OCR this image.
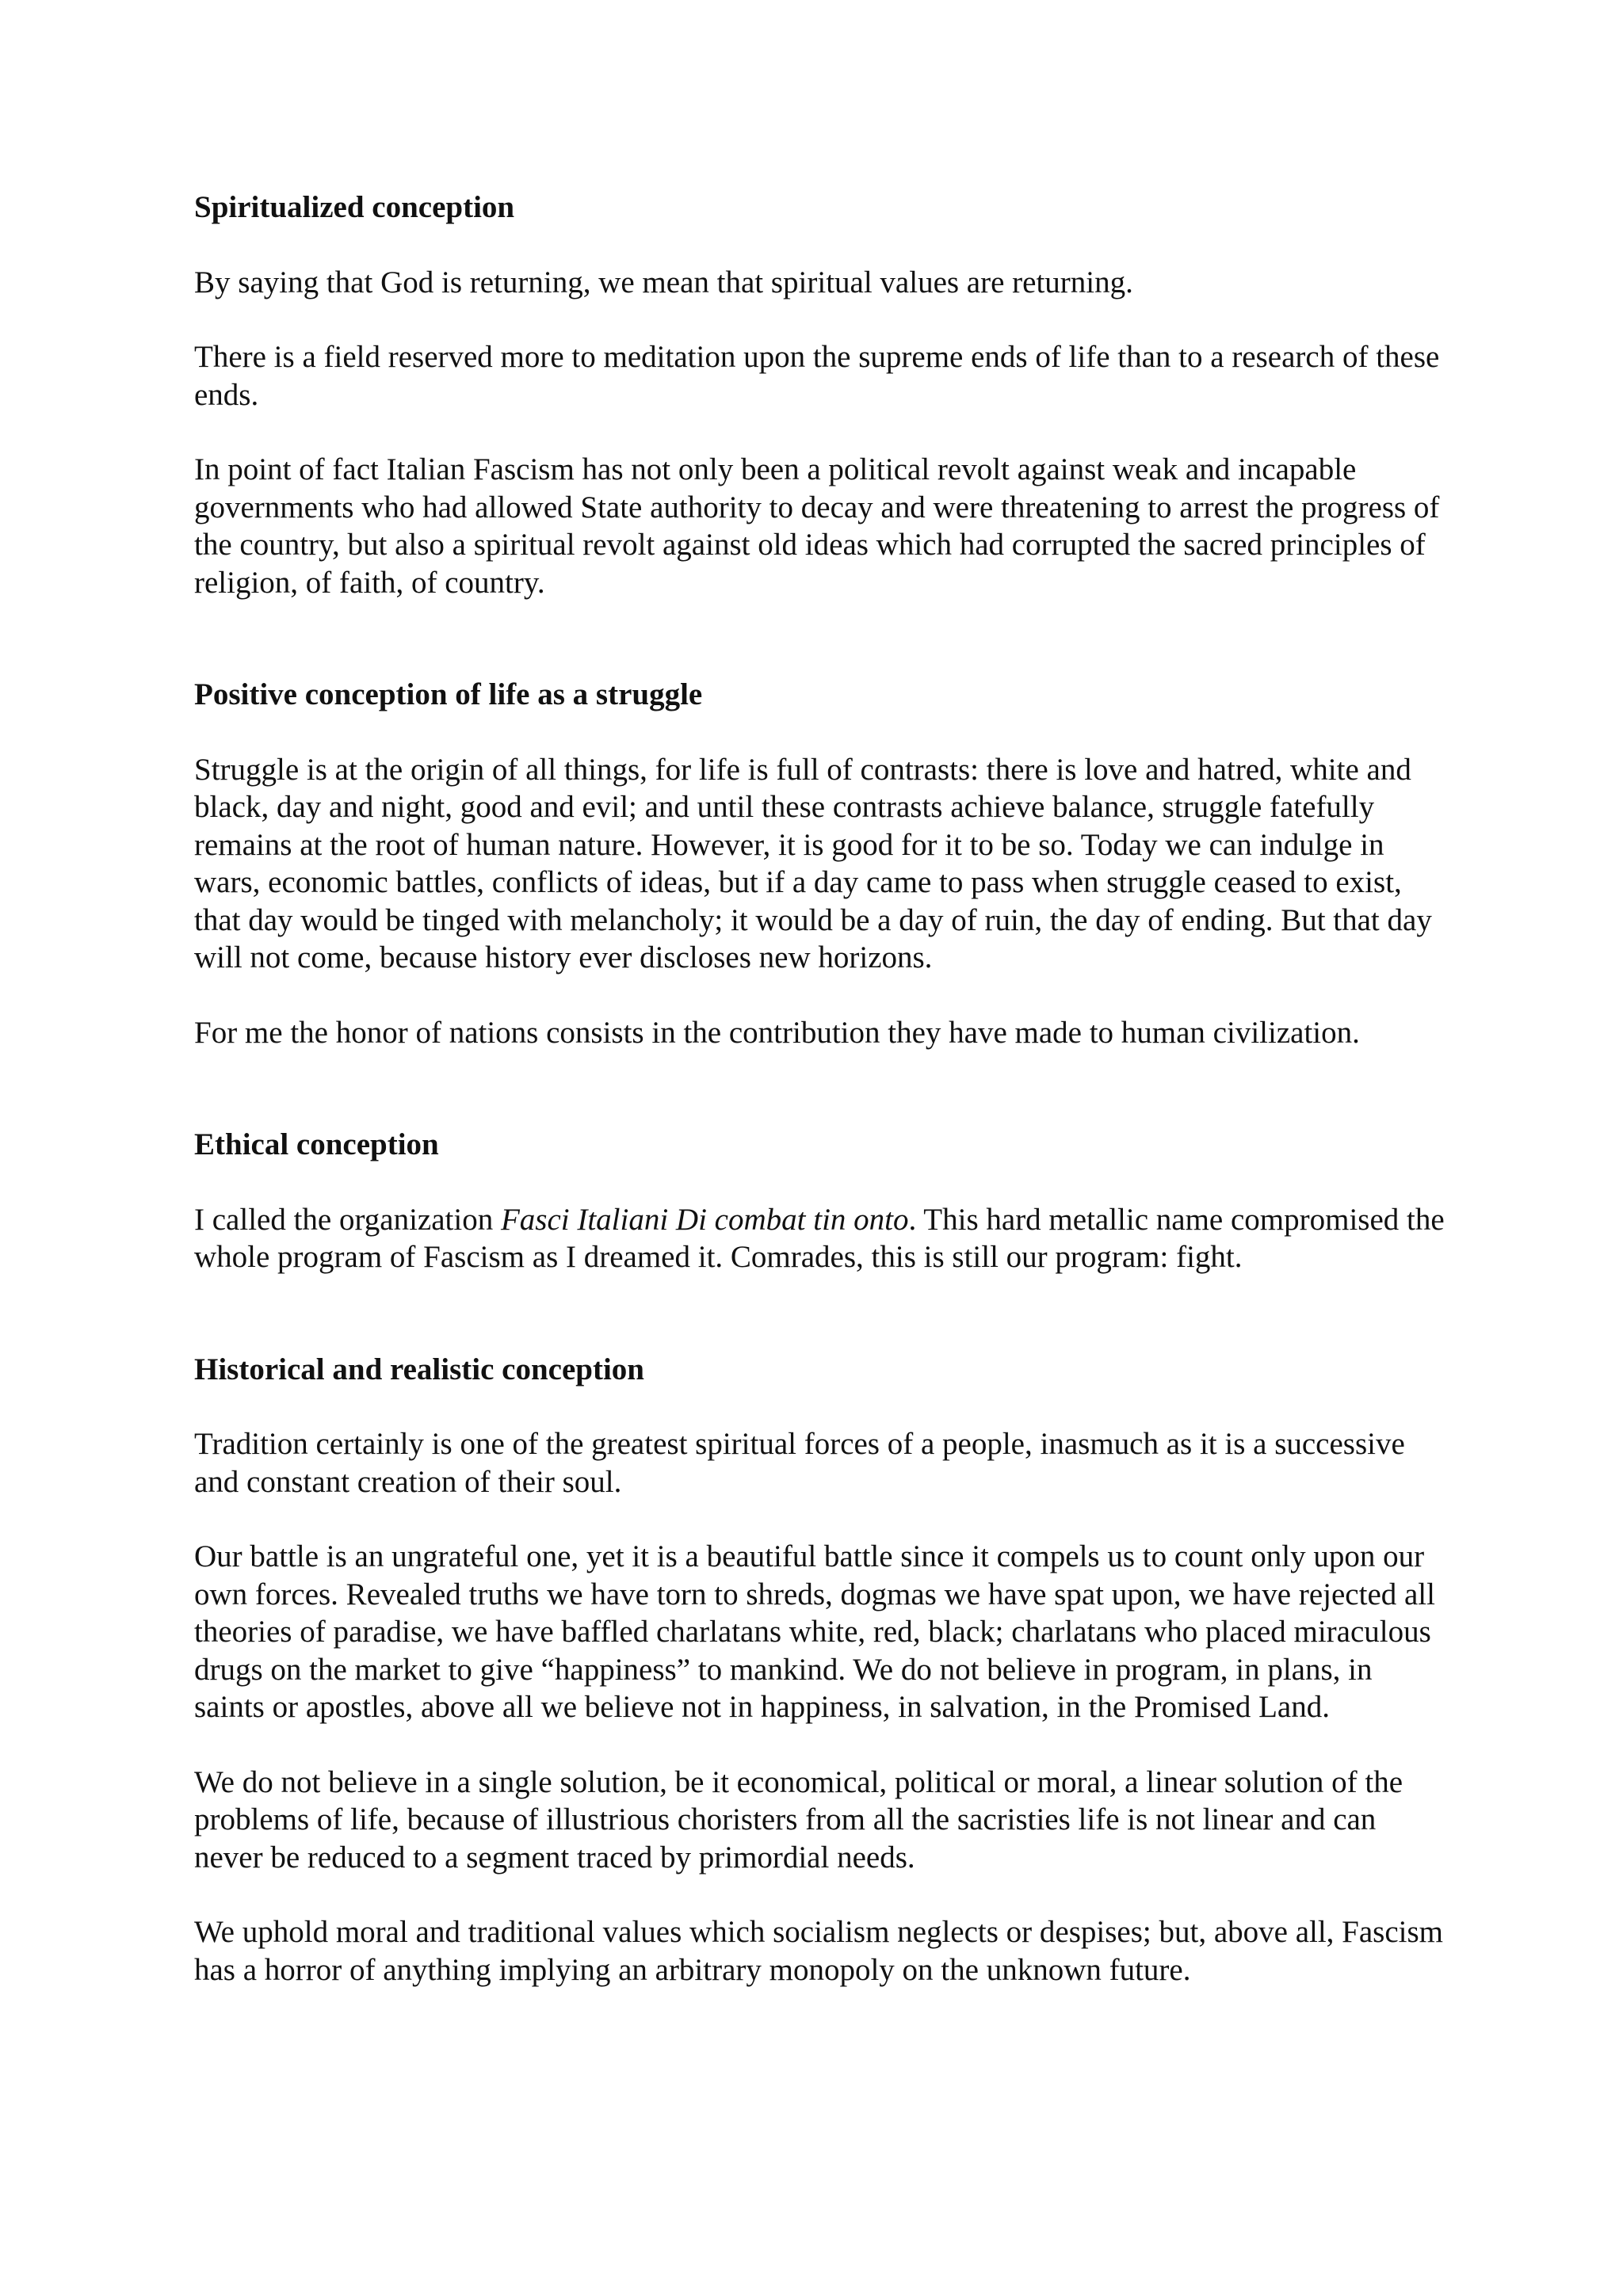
Spiritualized conception
By saying that God is returning, we mean that spiritual values are returning.
There is a field reserved more to meditation upon the supreme ends of life than to a research of these ends.
In point of fact Italian Fascism has not only been a political revolt against weak and incapable governments who had allowed State authority to decay and were threatening to arrest the progress of the country, but also a spiritual revolt against old ideas which had corrupted the sacred principles of religion, of faith, of country.
Positive conception of life as a struggle
Struggle is at the origin of all things, for life is full of contrasts: there is love and hatred, white and black, day and night, good and evil; and until these contrasts achieve balance, struggle fatefully remains at the root of human nature. However, it is good for it to be so. Today we can indulge in wars, economic battles, conflicts of ideas, but if a day came to pass when struggle ceased to exist, that day would be tinged with melancholy; it would be a day of ruin, the day of ending. But that day will not come, because history ever discloses new horizons.
For me the honor of nations consists in the contribution they have made to human civilization.
Ethical conception
I called the organization Fasci Italiani Di combat tin onto. This hard metallic name compromised the whole program of Fascism as I dreamed it. Comrades, this is still our program: fight.
Historical and realistic conception
Tradition certainly is one of the greatest spiritual forces of a people, inasmuch as it is a successive and constant creation of their soul.
Our battle is an ungrateful one, yet it is a beautiful battle since it compels us to count only upon our own forces. Revealed truths we have torn to shreds, dogmas we have spat upon, we have rejected all theories of paradise, we have baffled charlatans white, red, black; charlatans who placed miraculous drugs on the market to give “happiness” to mankind. We do not believe in program, in plans, in saints or apostles, above all we believe not in happiness, in salvation, in the Promised Land.
We do not believe in a single solution, be it economical, political or moral, a linear solution of the problems of life, because of illustrious choristers from all the sacristies life is not linear and can never be reduced to a segment traced by primordial needs.
We uphold moral and traditional values which socialism neglects or despises; but, above all, Fascism has a horror of anything implying an arbitrary monopoly on the unknown future.
